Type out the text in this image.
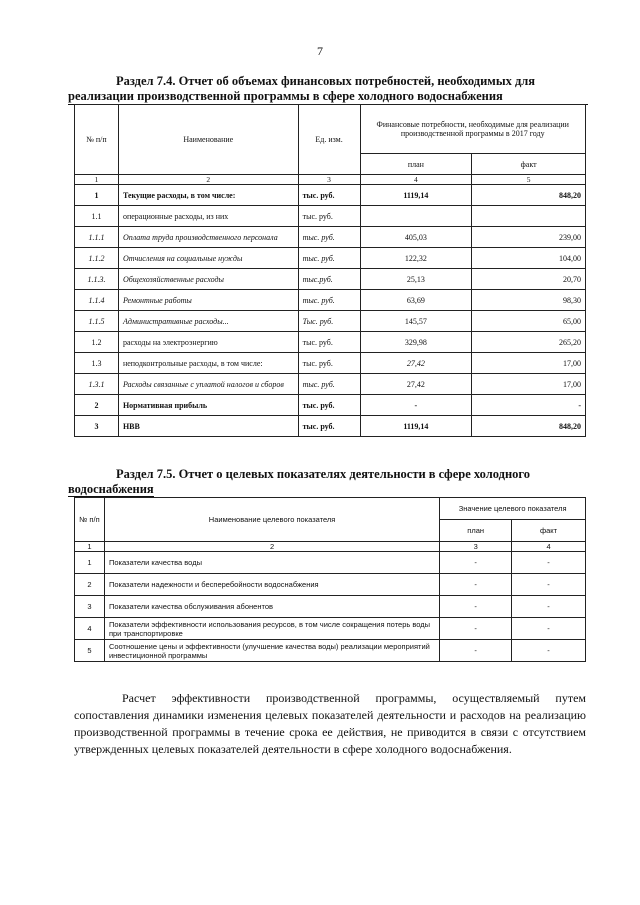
7
Раздел 7.4. Отчет об объемах финансовых потребностей, необходимых для
реализации производственной программы в сфере холодного водоснабжения
№ п/п	Наименование	Ед. изм.	Финансовые потребности, необходимые для реализации производственной программы в 2017 году	
			план	факт
1	2	3	4	5
1	Текущие расходы, в том числе:	тыс. руб.	1119,14	848,20
1.1	операционные расходы, из них	тыс. руб.		
1.1.1	Оплата труда производственного персонала	тыс. руб.	405,03	239,00
1.1.2	Отчисления на социальные нужды	тыс. руб.	122,32	104,00
1.1.3.	Общехозяйственные расходы	тыс.руб.	25,13	20,70
1.1.4	Ремонтные работы	тыс. руб.	63,69	98,30
1.1.5	Административные расходы...	Тыс. руб.	145,57	65,00
1.2	расходы на электроэнергию	тыс. руб.	329,98	265,20
1.3	неподконтрольные расходы, в том числе:	тыс. руб.	27,42	17,00
1.3.1	Расходы связанные с уплатой налогов и сборов	тыс. руб.	27,42	17,00
2	Нормативная прибыль	тыс. руб.	-	-
3	НВВ	тыс. руб.	1119,14	848,20
Раздел 7.5. Отчет о целевых показателях деятельности в сфере холодного
водоснабжения
№ п/п	Наименование целевого показателя	Значение целевого показателя	
		план	факт
1	2	3	4
1	Показатели качества воды	-	-
2	Показатели надежности и бесперебойности водоснабжения	-	-
3	Показатели качества обслуживания абонентов	-	-
4	Показатели эффективности использования ресурсов, в том числе сокращения потерь воды при транспортировке	-	-
5	Соотношение цены и эффективности (улучшение качества воды) реализации мероприятий инвестиционной программы	-	-
Расчет эффективности производственной программы, осуществляемый путем сопоставления динамики изменения целевых показателей деятельности и расходов на реализацию производственной программы в течение срока ее действия, не приводится в связи с отсутствием утвержденных целевых показателей деятельности в сфере холодного водоснабжения.
